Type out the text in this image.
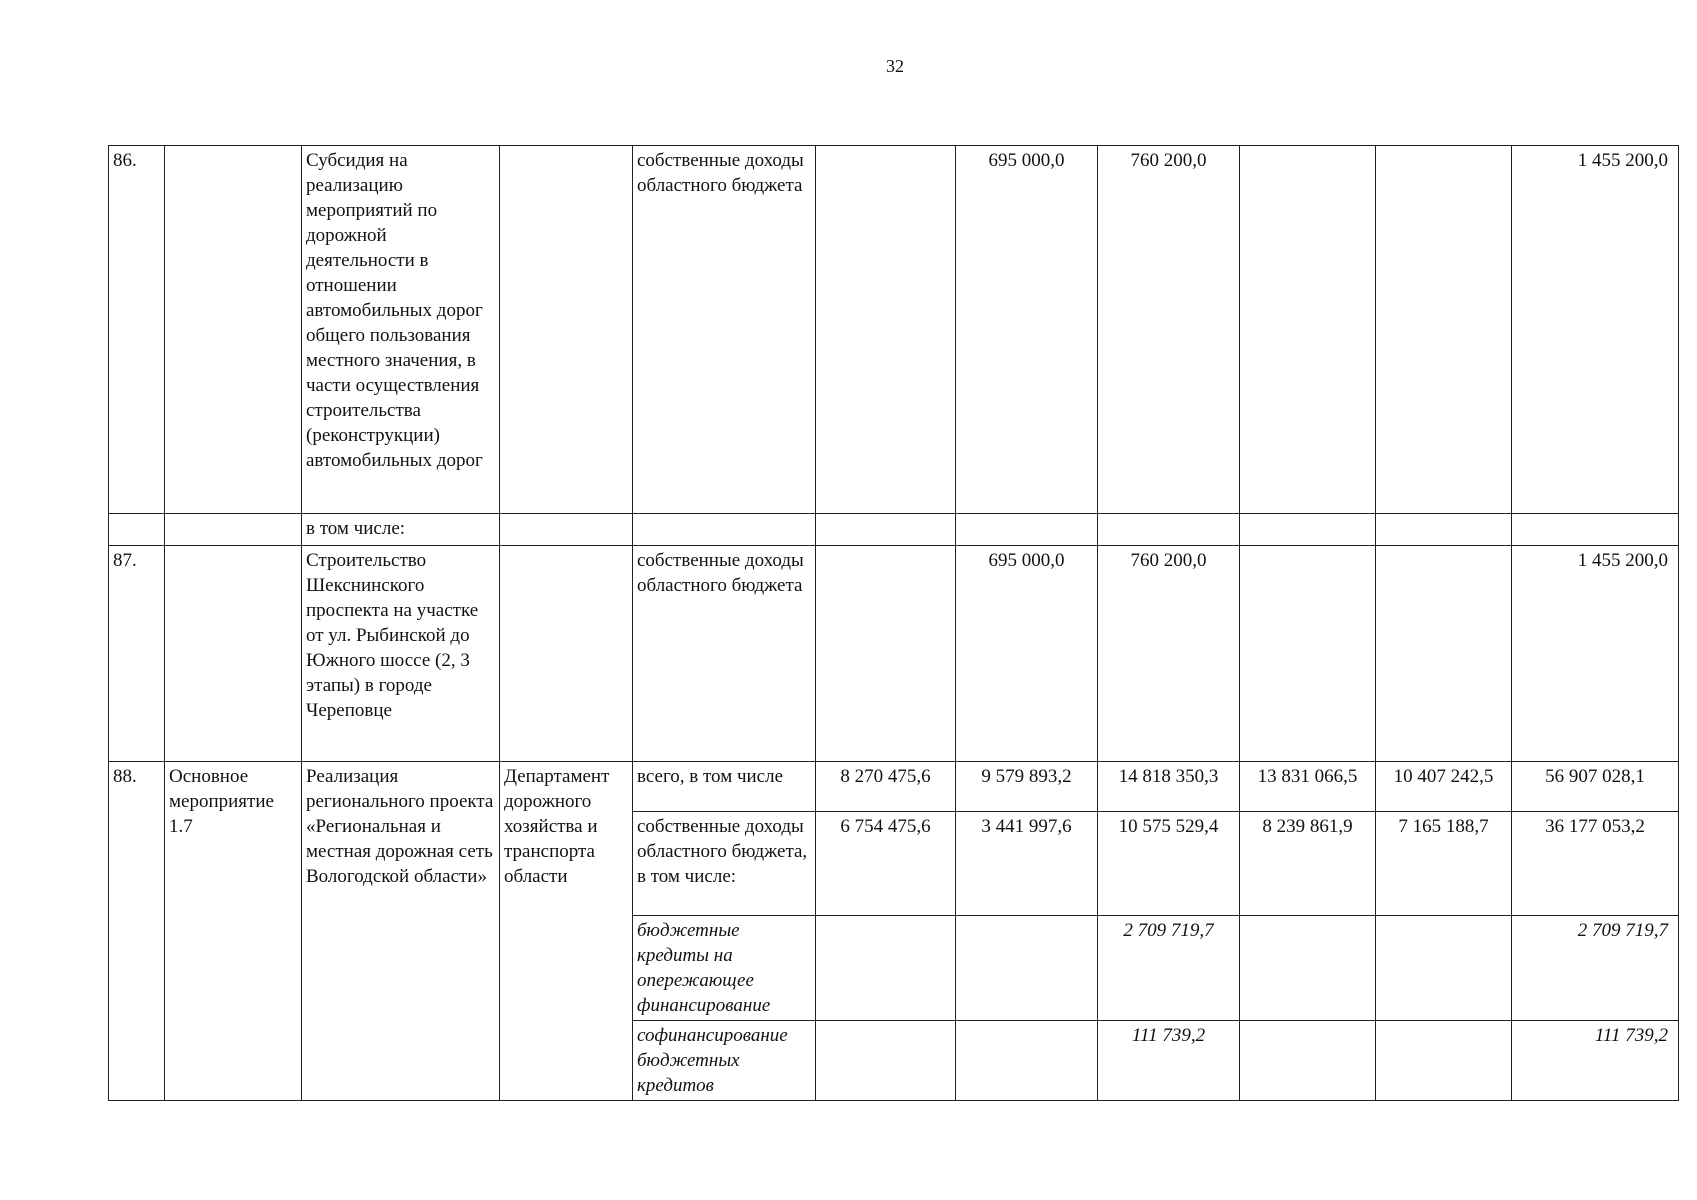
32
86.		Субсидия на реализацию мероприятий по дорожной деятельности в отношении автомобильных дорог общего пользования местного значения, в части осуществления строительства (реконструкции) автомобильных дорог		собственные доходы областного бюджета		695 000,0	760 200,0			1 455 200,0
		в том числе:								
87.		Строительство Шекснинского проспекта на участке от ул. Рыбинской до Южного шоссе (2, 3 этапы) в городе Череповце		собственные доходы областного бюджета		695 000,0	760 200,0			1 455 200,0
88.	Основное мероприятие 1.7	Реализация регионального проекта «Региональная и местная дорожная сеть Вологодской области»	Департамент дорожного хозяйства и транспорта области	всего, в том числе	8 270 475,6	9 579 893,2	14 818 350,3	13 831 066,5	10 407 242,5	56 907 028,1
				собственные доходы областного бюджета, в том числе:	6 754 475,6	3 441 997,6	10 575 529,4	8 239 861,9	7 165 188,7	36 177 053,2
				бюджетные кредиты на опережающее финансирование			2 709 719,7			2 709 719,7
				софинансирование бюджетных кредитов			111 739,2			111 739,2
